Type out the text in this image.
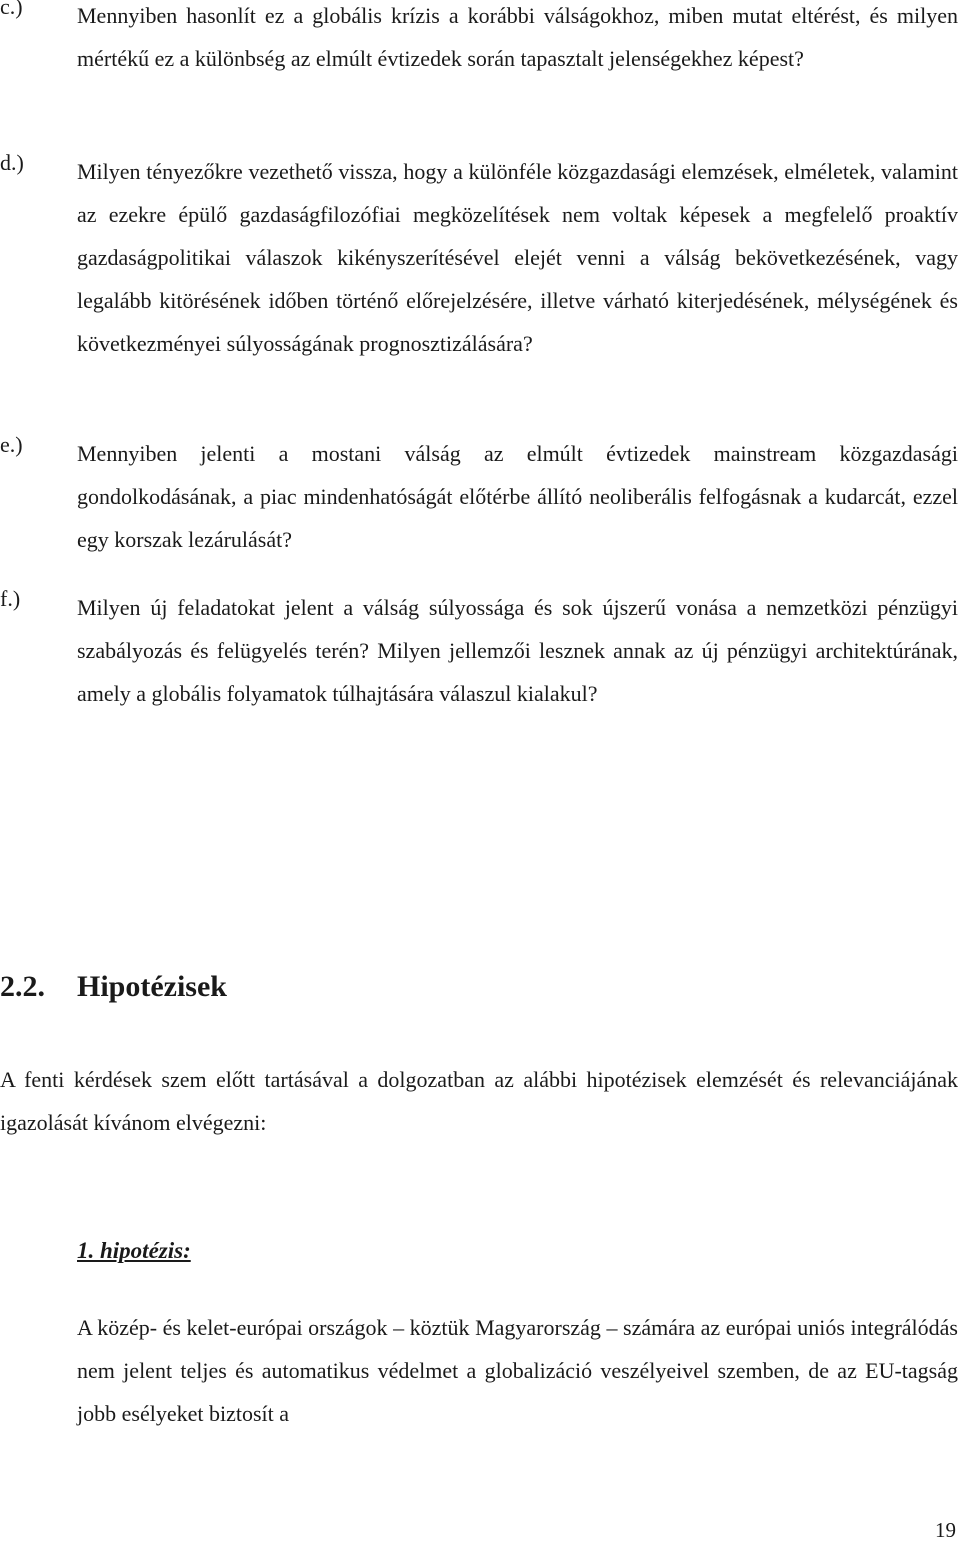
c.) Mennyiben hasonlít ez a globális krízis a korábbi válságokhoz, miben mutat eltérést, és milyen mértékű ez a különbség az elmúlt évtizedek során tapasztalt jelenségekhez képest?
d.) Milyen tényezőkre vezethető vissza, hogy a különféle közgazdasági elemzések, elméletek, valamint az ezekre épülő gazdaságfilozófiai megközelítések nem voltak képesek a megfelelő proaktív gazdaságpolitikai válaszok kikényszerítésével elejét venni a válság bekövetkezésének, vagy legalább kitörésének időben történő előrejelzésére, illetve várható kiterjedésének, mélységének és következményei súlyosságának prognosztizálására?
e.) Mennyiben jelenti a mostani válság az elmúlt évtizedek mainstream közgazdasági gondolkodásának, a piac mindenhatóságát előtérbe állító neoliberális felfogásnak a kudarcát, ezzel egy korszak lezárulását?
f.)	Milyen új feladatokat jelent a válság súlyossága és sok újszerű vonása a nemzetközi pénzügyi szabályozás és felügyelés terén? Milyen jellemzői lesznek annak az új pénzügyi architektúrának, amely a globális folyamatok túlhajtására válaszul kialakul?
2.2. Hipotézisek
A fenti kérdések szem előtt tartásával a dolgozatban az alábbi hipotézisek elemzését és relevanciájának igazolását kívánom elvégezni:
1. hipotézis:
A közép- és kelet-európai országok – köztük Magyarország – számára az európai uniós integrálódás nem jelent teljes és automatikus védelmet a globalizáció veszélyeivel szemben, de az EU-tagság jobb esélyeket biztosít a
19
